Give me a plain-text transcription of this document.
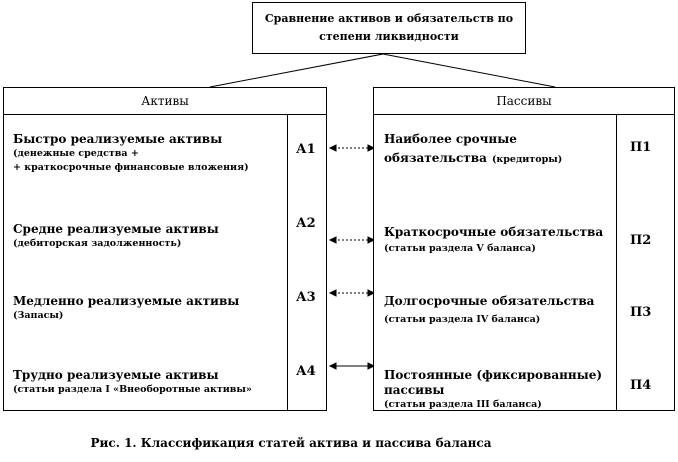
Сравнение активов и обязательств по
степени ликвидности
Активы
Быстро реализуемые активы
(денежные средства +
+ краткосрочные финансовые вложения)
А1
Средне реализуемые активы
(дебиторская задолженность)
А2
Медленно реализуемые активы
(Запасы)
А3
Трудно реализуемые активы
(статьи раздела I «Внеоборотные активы»
А4
Пассивы
Наиболее срочные
обязательства (кредиторы)
П1
Краткосрочные обязательства
(статьи раздела V баланса)
П2
Долгосрочные обязательства
(статьи раздела IV баланса)	П3
Постоянные (фиксированные)
пассивы
(статьи раздела III баланса)
П4
Рис. 1. Классификация статей актива и пассива баланса
